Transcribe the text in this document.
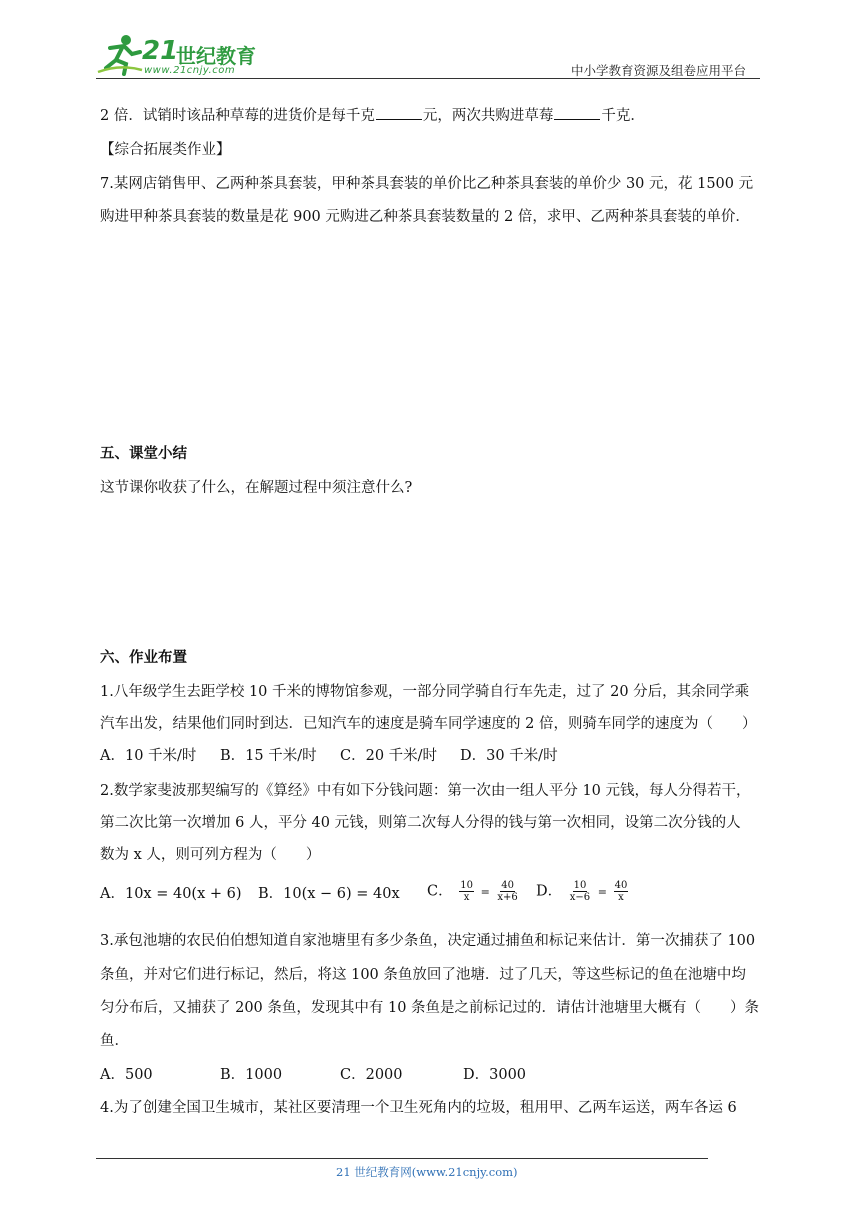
21
世纪教育
www.21cnjy.com	中小学教育资源及组卷应用平台
2 倍．试销时该品种草莓的进货价是每千克	元，两次共购进草莓	千克．
【综合拓展类作业】
7.某网店销售甲、乙两种茶具套装，甲种茶具套装的单价比乙种茶具套装的单价少 30 元，花 1500 元
购进甲种茶具套装的数量是花 900 元购进乙种茶具套装数量的 2 倍，求甲、乙两种茶具套装的单价．
五、课堂小结
这节课你收获了什么，在解题过程中须注意什么?
六、作业布置
1.八年级学生去距学校 10 千米的博物馆参观，一部分同学骑自行车先走，过了 20 分后，其余同学乘
汽车出发，结果他们同时到达．已知汽车的速度是骑车同学速度的 2 倍，则骑车同学的速度为（　　）
A．10 千米/时 B．15 千米/时 C．20 千米/时 D．30 千米/时
2.数学家斐波那契编写的《算经》中有如下分钱问题：第一次由一组人平分 10 元钱，每人分得若干，
第二次比第一次增加 6 人，平分 40 元钱，则第二次每人分得的钱与第一次相同，设第二次分钱的人
数为 x 人，则可列方程为（　　）
A．10x = 40(x + 6) B．10(x − 6) = 40x C． $\frac{10}{x} = \frac{40}{x+6}$ D． $\frac{10}{x-6} = \frac{40}{x}$
3.承包池塘的农民伯伯想知道自家池塘里有多少条鱼，决定通过捕鱼和标记来估计．第一次捕获了 100
条鱼，并对它们进行标记，然后，将这 100 条鱼放回了池塘．过了几天，等这些标记的鱼在池塘中均
匀分布后，又捕获了 200 条鱼，发现其中有 10 条鱼是之前标记过的．请估计池塘里大概有（　　）条
鱼．
A．500	B．1000	C．2000	D．3000
4.为了创建全国卫生城市，某社区要清理一个卫生死角内的垃圾，租用甲、乙两车运送，两车各运 6
21 世纪教育网(www.21cnjy.com)
